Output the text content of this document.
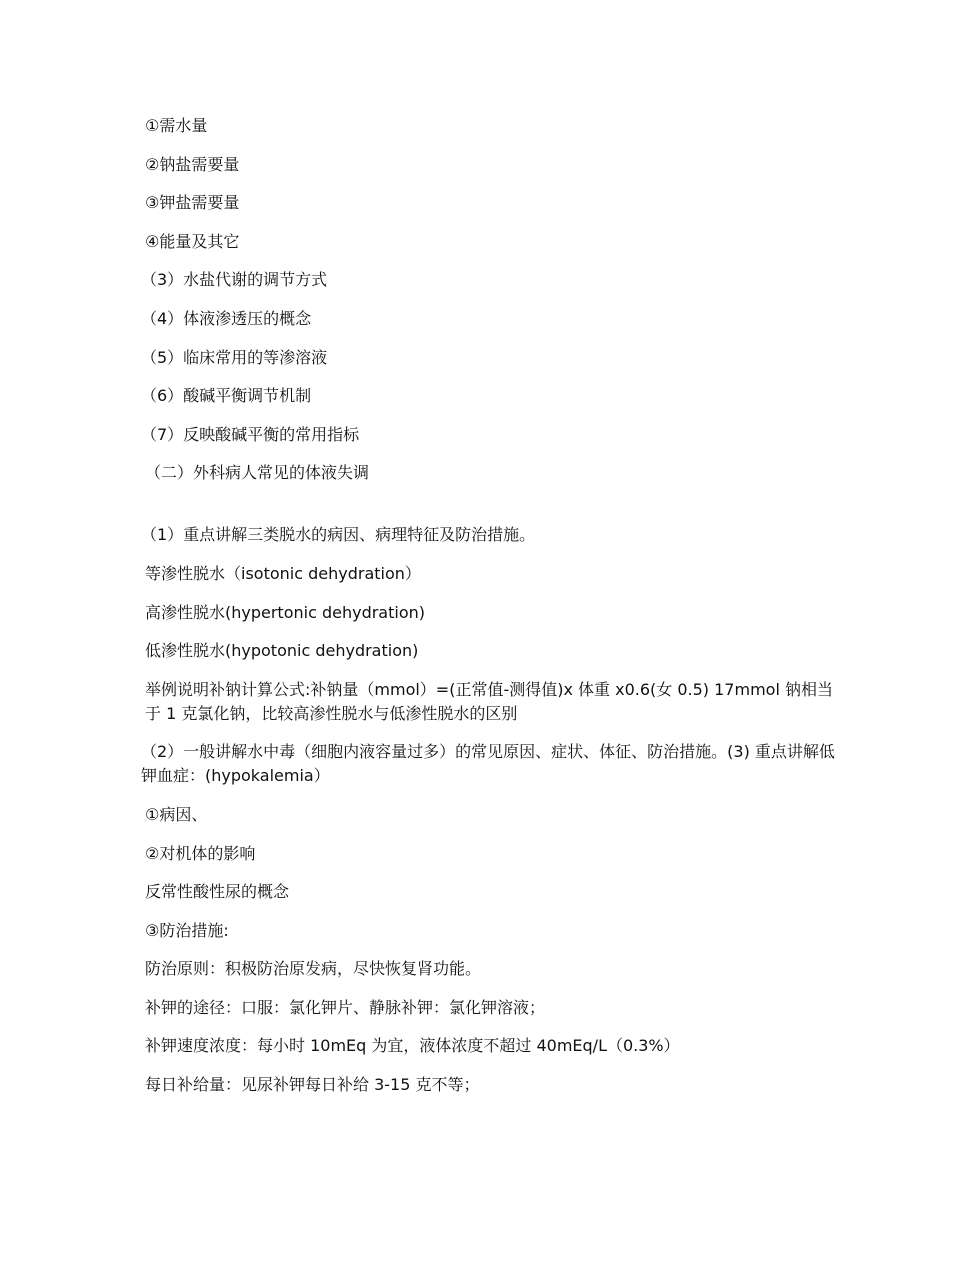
①需水量

②钠盐需要量

③钾盐需要量

④能量及其它

（3）水盐代谢的调节方式

（4）体液渗透压的概念

（5）临床常用的等渗溶液

（6）酸碱平衡调节机制

（7）反映酸碱平衡的常用指标

（二）外科病人常见的体液失调

（1）重点讲解三类脱水的病因、病理特征及防治措施。

等渗性脱水（isotonic dehydration）

高渗性脱水(hypertonic dehydration)

低渗性脱水(hypotonic dehydration)

举例说明补钠计算公式:补钠量（mmol）=(正常值-测得值)x 体重 x0.6(女 0.5) 17mmol 钠相当于 1 克氯化钠，比较高渗性脱水与低渗性脱水的区别

（2）一般讲解水中毒（细胞内液容量过多）的常见原因、症状、体征、防治措施。(3) 重点讲解低钾血症：(hypokalemia）

①病因、

②对机体的影响

反常性酸性尿的概念

③防治措施:

防治原则：积极防治原发病，尽快恢复肾功能。

补钾的途径：口服：氯化钾片、静脉补钾：氯化钾溶液；

补钾速度浓度：每小时 10mEq 为宜，液体浓度不超过 40mEq/L（0.3%）

每日补给量：见尿补钾每日补给 3-15 克不等；
